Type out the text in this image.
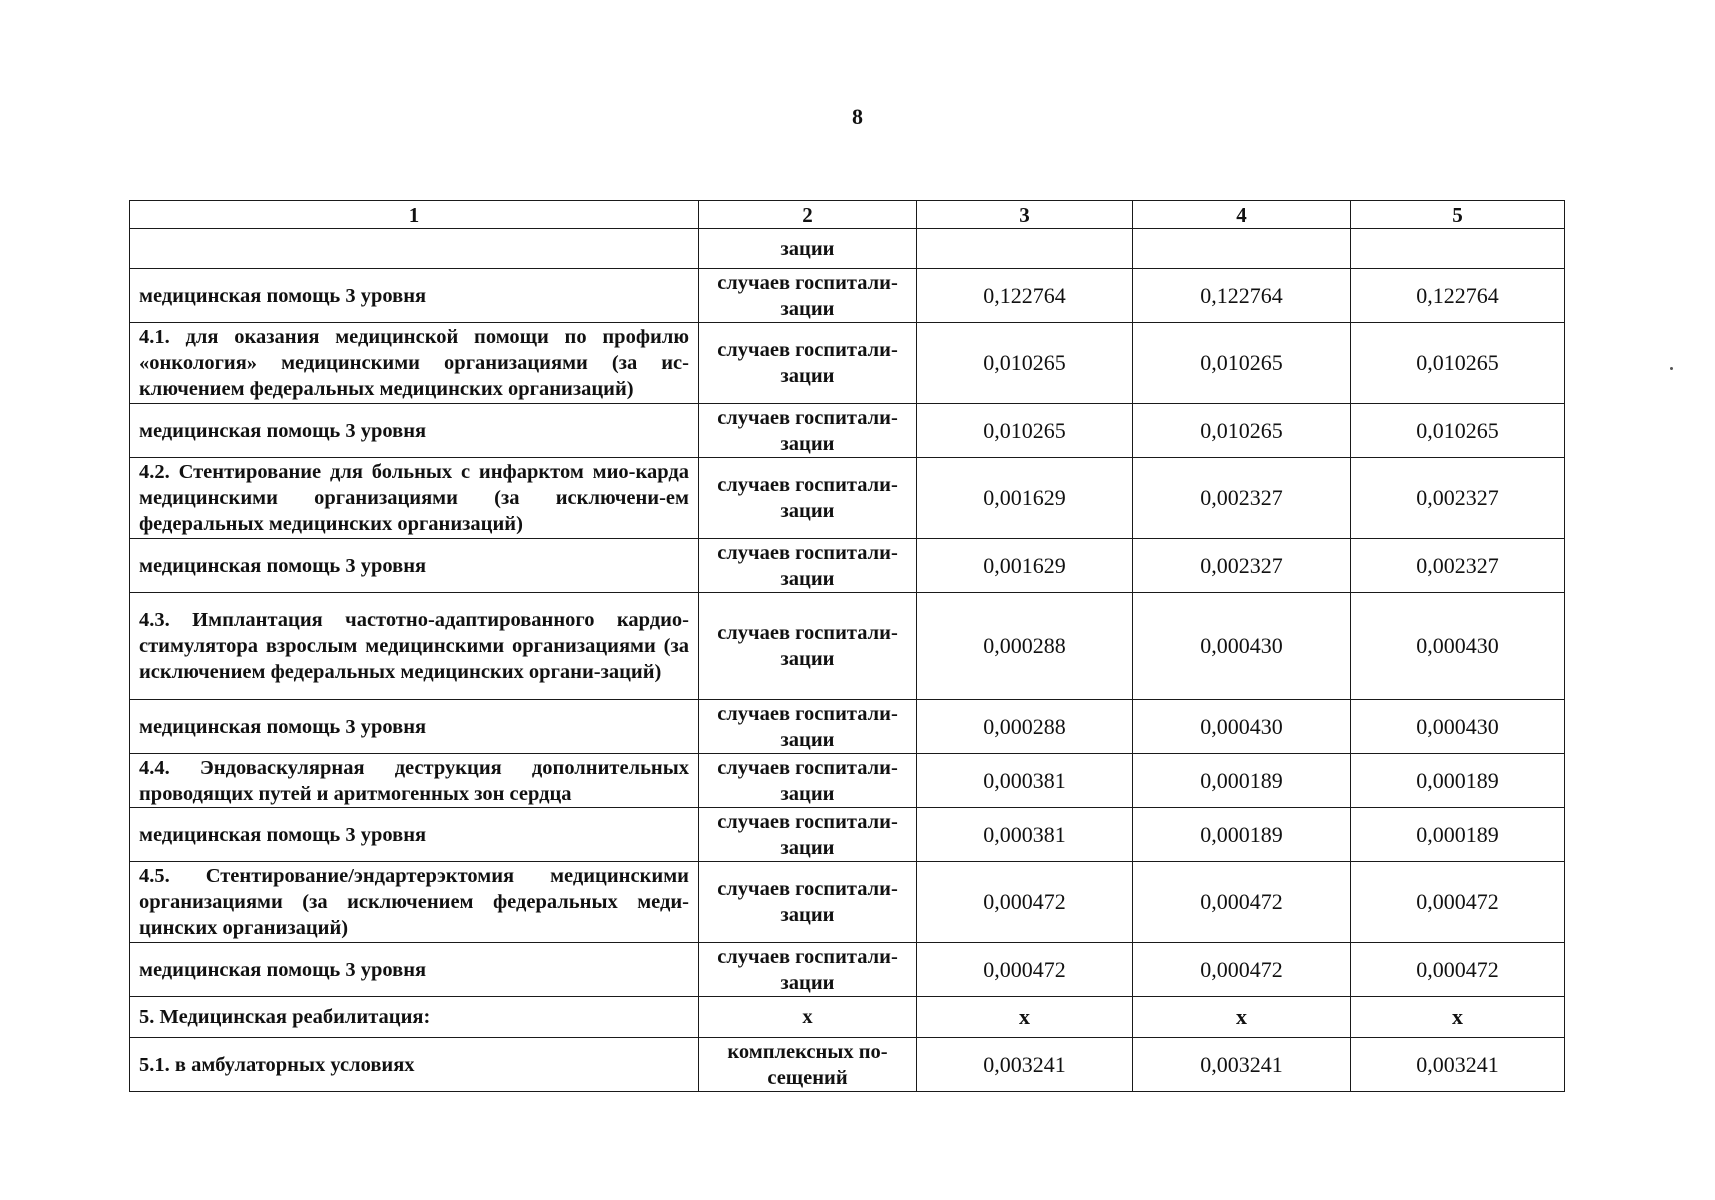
8
1	2	3	4	5
	зации			
медицинская помощь 3 уровня	случаев госпитали-зации	0,122764	0,122764	0,122764
4.1. для оказания медицинской помощи по профилю «онкология» медицинскими организациями (за ис-ключением федеральных медицинских организаций)	случаев госпитали-зации	0,010265	0,010265	0,010265
медицинская помощь 3 уровня	случаев госпитали-зации	0,010265	0,010265	0,010265
4.2. Стентирование для больных с инфарктом мио-карда медицинскими организациями (за исключени-ем федеральных медицинских организаций)	случаев госпитали-зации	0,001629	0,002327	0,002327
медицинская помощь 3 уровня	случаев госпитали-зации	0,001629	0,002327	0,002327
4.3. Имплантация частотно-адаптированного кардио-стимулятора взрослым медицинскими организациями (за исключением федеральных медицинских органи-заций)	случаев госпитали-зации	0,000288	0,000430	0,000430
медицинская помощь 3 уровня	случаев госпитали-зации	0,000288	0,000430	0,000430
4.4. Эндоваскулярная деструкция дополнительных проводящих путей и аритмогенных зон сердца	случаев госпитали-зации	0,000381	0,000189	0,000189
медицинская помощь 3 уровня	случаев госпитали-зации	0,000381	0,000189	0,000189
4.5. Стентирование/эндартерэктомия медицинскими организациями (за исключением федеральных меди-цинских организаций)	случаев госпитали-зации	0,000472	0,000472	0,000472
медицинская помощь 3 уровня	случаев госпитали-зации	0,000472	0,000472	0,000472
5. Медицинская реабилитация:	х	х	х	х
5.1. в амбулаторных условиях	комплексных по-сещений	0,003241	0,003241	0,003241
